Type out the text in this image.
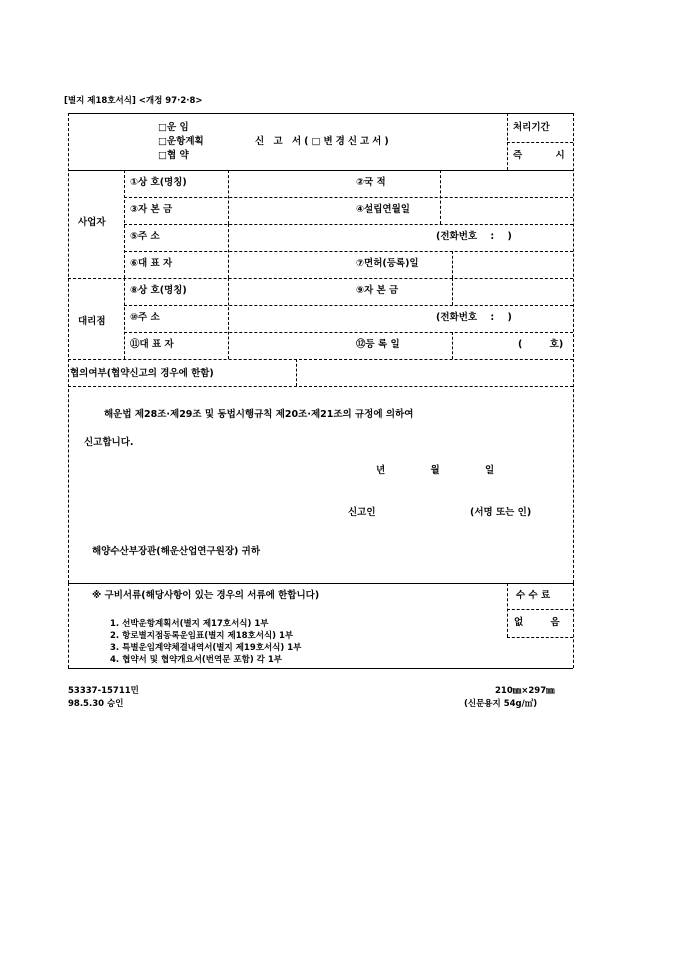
[별지 제18호서식] <개정 97·2·8>
□운 임
□운항계획
□협 약
신 고 서(□변경신고서)
처리기간
즉 시
사업자
①상 호(명칭)	②국 적
③자 본 금	④설립연월일
⑤주 소	(전화번호 : )
⑥대 표 자	⑦면허(등록)일
대리점
⑧상 호(명칭)	⑨자 본 금
⑩주 소	(전화번호 : )
⑪대 표 자	⑫등 록 일	( 호)
협의여부(협약신고의 경우에 한함)
해운법 제28조·제29조 및 동법시행규칙 제20조·제21조의 규정에 의하여
신고합니다.
년 월 일
신고인	(서명 또는 인)
해양수산부장관(해운산업연구원장) 귀하
※ 구비서류(해당사항이 있는 경우의 서류에 한합니다)	수 수 료
없 음
1. 선박운항계획서(별지 제17호서식) 1부
2. 항로별지점동록운임표(별지 제18호서식) 1부
3. 특별운임계약체결내역서(별지 제19호서식) 1부
4. 협약서 및 협약개요서(번역문 포함) 각 1부
53337-15711민
98.5.30 승인
210㎜×297㎜
(신문용지 54g/㎡)
